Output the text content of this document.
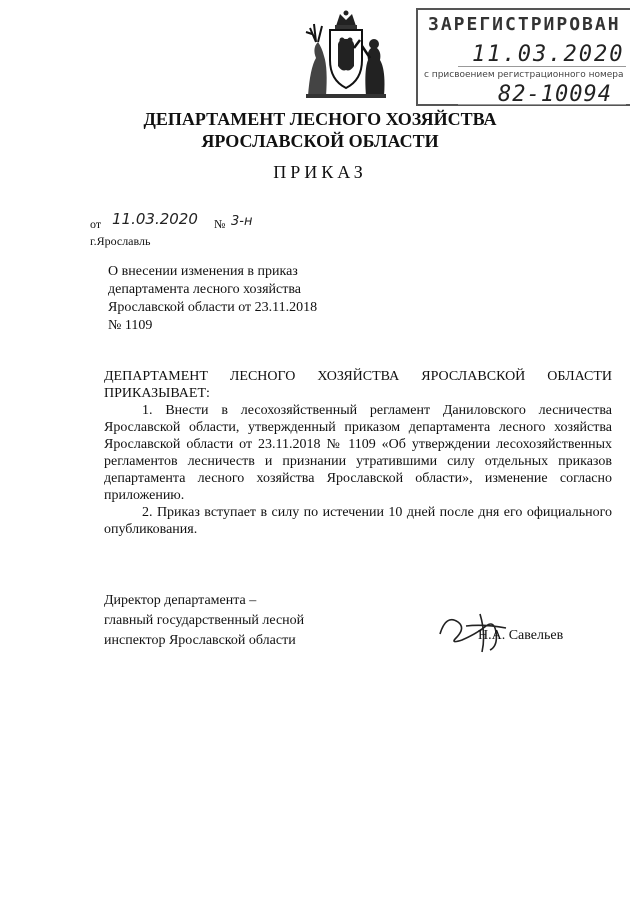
ЗАРЕГИСТРИРОВАН
11.03.2020
с присвоением регистрационного номера
82-10094
ДЕПАРТАМЕНТ ЛЕСНОГО ХОЗЯЙСТВА
ЯРОСЛАВСКОЙ ОБЛАСТИ
ПРИКАЗ
от 11.03.2020 № 3-н
г.Ярославль
О внесении изменения в приказ
департамента лесного хозяйства
Ярославской области от 23.11.2018
№ 1109

ДЕПАРТАМЕНТ ЛЕСНОГО ХОЗЯЙСТВА ЯРОСЛАВСКОЙ ОБЛАСТИ

ПРИКАЗЫВАЕТ:

1. Внести в лесохозяйственный регламент Даниловского лесничества Ярославской области, утвержденный приказом департамента лесного хозяйства Ярославской области от 23.11.2018 № 1109 «Об утверждении лесохозяйственных регламентов лесничеств и признании утратившими силу отдельных приказов департамента лесного хозяйства Ярославской области», изменение согласно приложению.

2. Приказ вступает в силу по истечении 10 дней после дня его официального опубликования.

Директор департамента –
главный государственный лесной
инспектор Ярославской области	Н.А. Савельев
